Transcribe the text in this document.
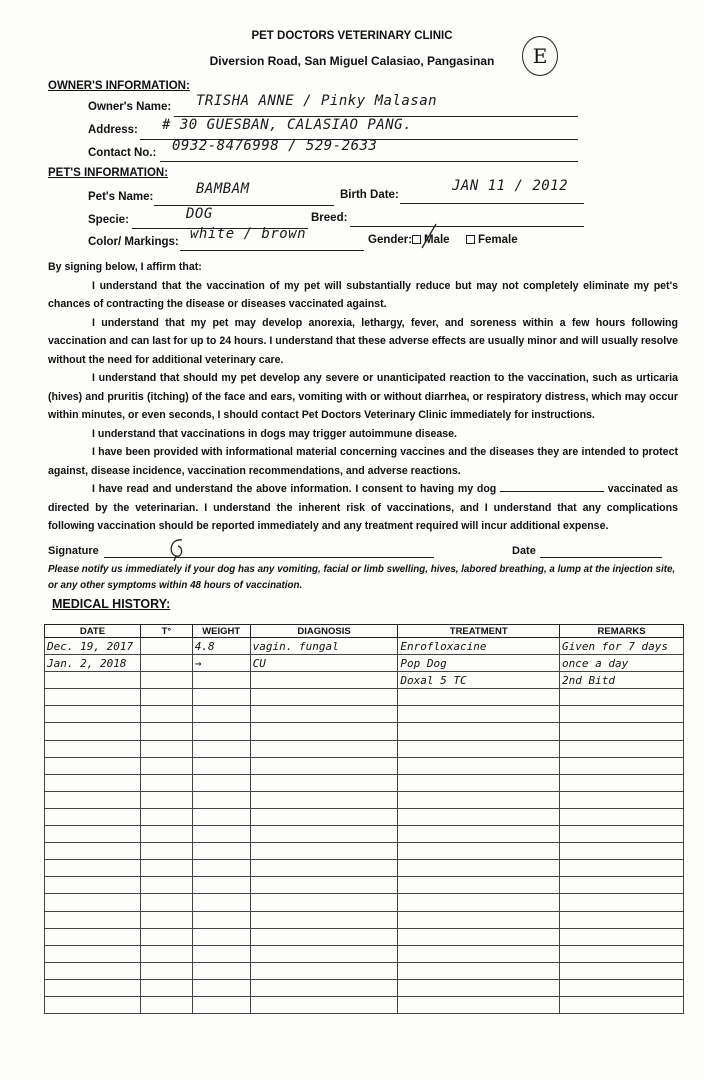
PET DOCTORS VETERINARY CLINIC
Diversion Road, San Miguel Calasiao, Pangasinan	E
OWNER'S INFORMATION:
Owner's Name: TRISHA ANNE / Pinky Malasan
Address: # 30 GUESBAN, CALASIAO PANG.
Contact No.: 0932-8476998 / 529-2633
PET'S INFORMATION:
Pet's Name:	BAMBAM	Birth Date:
JAN 11 / 2012
Specie:	DOG	Breed:
Color/ Markings: white / brown	Gender:	Male	Female

By signing below, I affirm that:

I understand that the vaccination of my pet will substantially reduce but may not completely eliminate my pet's chances of contracting the disease or diseases vaccinated against.

I understand that my pet may develop anorexia, lethargy, fever, and soreness within a few hours following vaccination and can last for up to 24 hours. I understand that these adverse effects are usually minor and will usually resolve without the need for additional veterinary care.

I understand that should my pet develop any severe or unanticipated reaction to the vaccination, such as urticaria (hives) and pruritis (itching) of the face and ears, vomiting with or without diarrhea, or respiratory distress, which may occur within minutes, or even seconds, I should contact Pet Doctors Veterinary Clinic immediately for instructions.

I understand that vaccinations in dogs may trigger autoimmune disease.

I have been provided with informational material concerning vaccines and the diseases they are intended to protect against, disease incidence, vaccination recommendations, and adverse reactions.

I have read and understand the above information. I consent to having my dog	vaccinated as directed by the veterinarian. I understand the inherent risk of vaccinations, and I understand that any complications following vaccination should be reported immediately and any treatment required will incur additional expense.

Signature	Date
Please notify us immediately if your dog has any vomiting, facial or limb swelling, hives, labored breathing, a lump at the injection site, or any other symptoms within 48 hours of vaccination.
MEDICAL HISTORY:
DATE	T°	WEIGHT	DIAGNOSIS	TREATMENT	REMARKS
Dec. 19, 2017		4.8	vagin. fungal	Enrofloxacine	Given for 7 days
Jan. 2, 2018		→	CU	Pop Dog	once a day
				Doxal 5 TC	2nd Bitd
